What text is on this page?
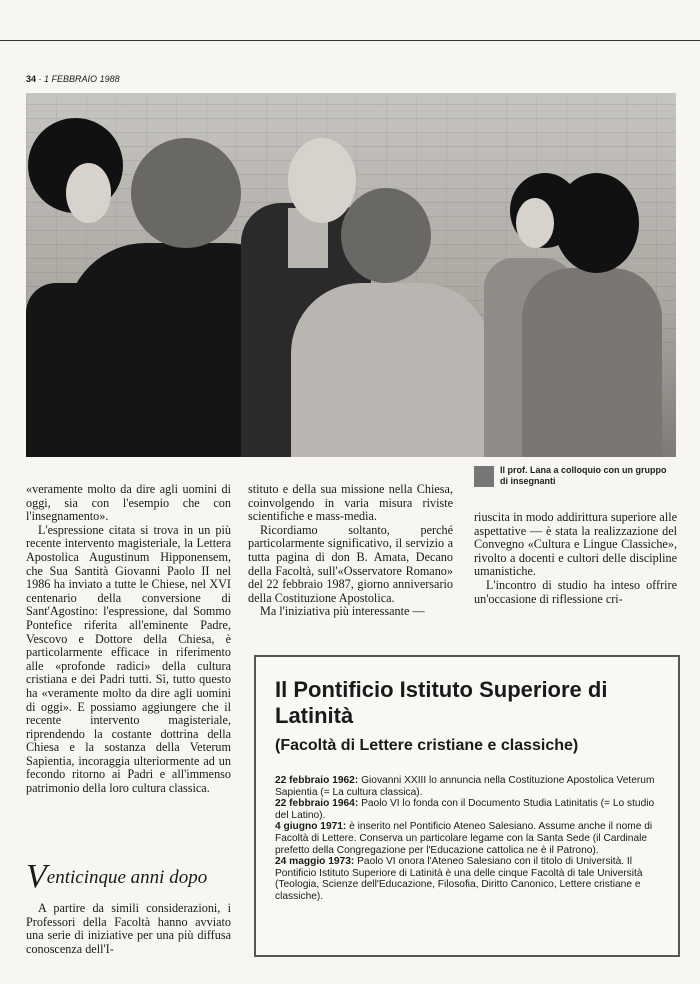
34 · 1 FEBBRAIO 1988
Il prof. Lana a colloquio con un gruppo di insegnanti

«veramente molto da dire agli uomini di oggi, sia con l'esempio che con l'insegnamento».

L'espressione citata si trova in un più recente intervento magisteriale, la Lettera Apostolica Augustinum Hipponensem, che Sua Santità Giovanni Paolo II nel 1986 ha inviato a tutte le Chiese, nel XVI centenario della conversione di Sant'Agostino: l'espressione, dal Sommo Pontefice riferita all'eminente Padre, Vescovo e Dottore della Chiesa, è particolarmente efficace in riferimento alle «profonde radici» della cultura cristiana e dei Padri tutti. Sì, tutto questo ha «veramente molto da dire agli uomini di oggi». E possiamo aggiungere che il recente intervento magisteriale, riprendendo la costante dottrina della Chiesa e la sostanza della Veterum Sapientia, incoraggia ulteriormente ad un fecondo ritorno ai Padri e all'immenso patrimonio della loro cultura classica.

Venticinque anni dopo

A partire da simili considerazioni, i Professori della Facoltà hanno avviato una serie di iniziative per una più diffusa conoscenza dell'I-

stituto e della sua missione nella Chiesa, coinvolgendo in varia misura riviste scientifiche e mass-media.

Ricordiamo soltanto, perché particolarmente significativo, il servizio a tutta pagina di don B. Amata, Decano della Facoltà, sull'«Osservatore Romano» del 22 febbraio 1987, giorno anniversario della Costituzione Apostolica.

Ma l'iniziativa più interessante —

riuscita in modo addirittura superiore alle aspettative — è stata la realizzazione del Convegno «Cultura e Lingue Classiche», rivolto a docenti e cultori delle discipline umanistiche.

L'incontro di studio ha inteso offrire un'occasione di riflessione cri-

Il Pontificio Istituto Superiore di Latinità
(Facoltà di Lettere cristiane e classiche)

22 febbraio 1962: Giovanni XXIII lo annuncia nella Costituzione Apostolica Veterum Sapientia (= La cultura classica).

22 febbraio 1964: Paolo VI lo fonda con il Documento Studia Latinitatis (= Lo studio del Latino).

4 giugno 1971: è inserito nel Pontificio Ateneo Salesiano. Assume anche il nome di Facoltà di Lettere. Conserva un particolare legame con la Santa Sede (il Cardinale prefetto della Congregazione per l'Educazione cattolica ne è il Patrono).

24 maggio 1973: Paolo VI onora l'Ateneo Salesiano con il titolo di Università. Il Pontificio Istituto Superiore di Latinità è una delle cinque Facoltà di tale Università (Teologia, Scienze dell'Educazione, Filosofia, Diritto Canonico, Lettere cristiane e classiche).
